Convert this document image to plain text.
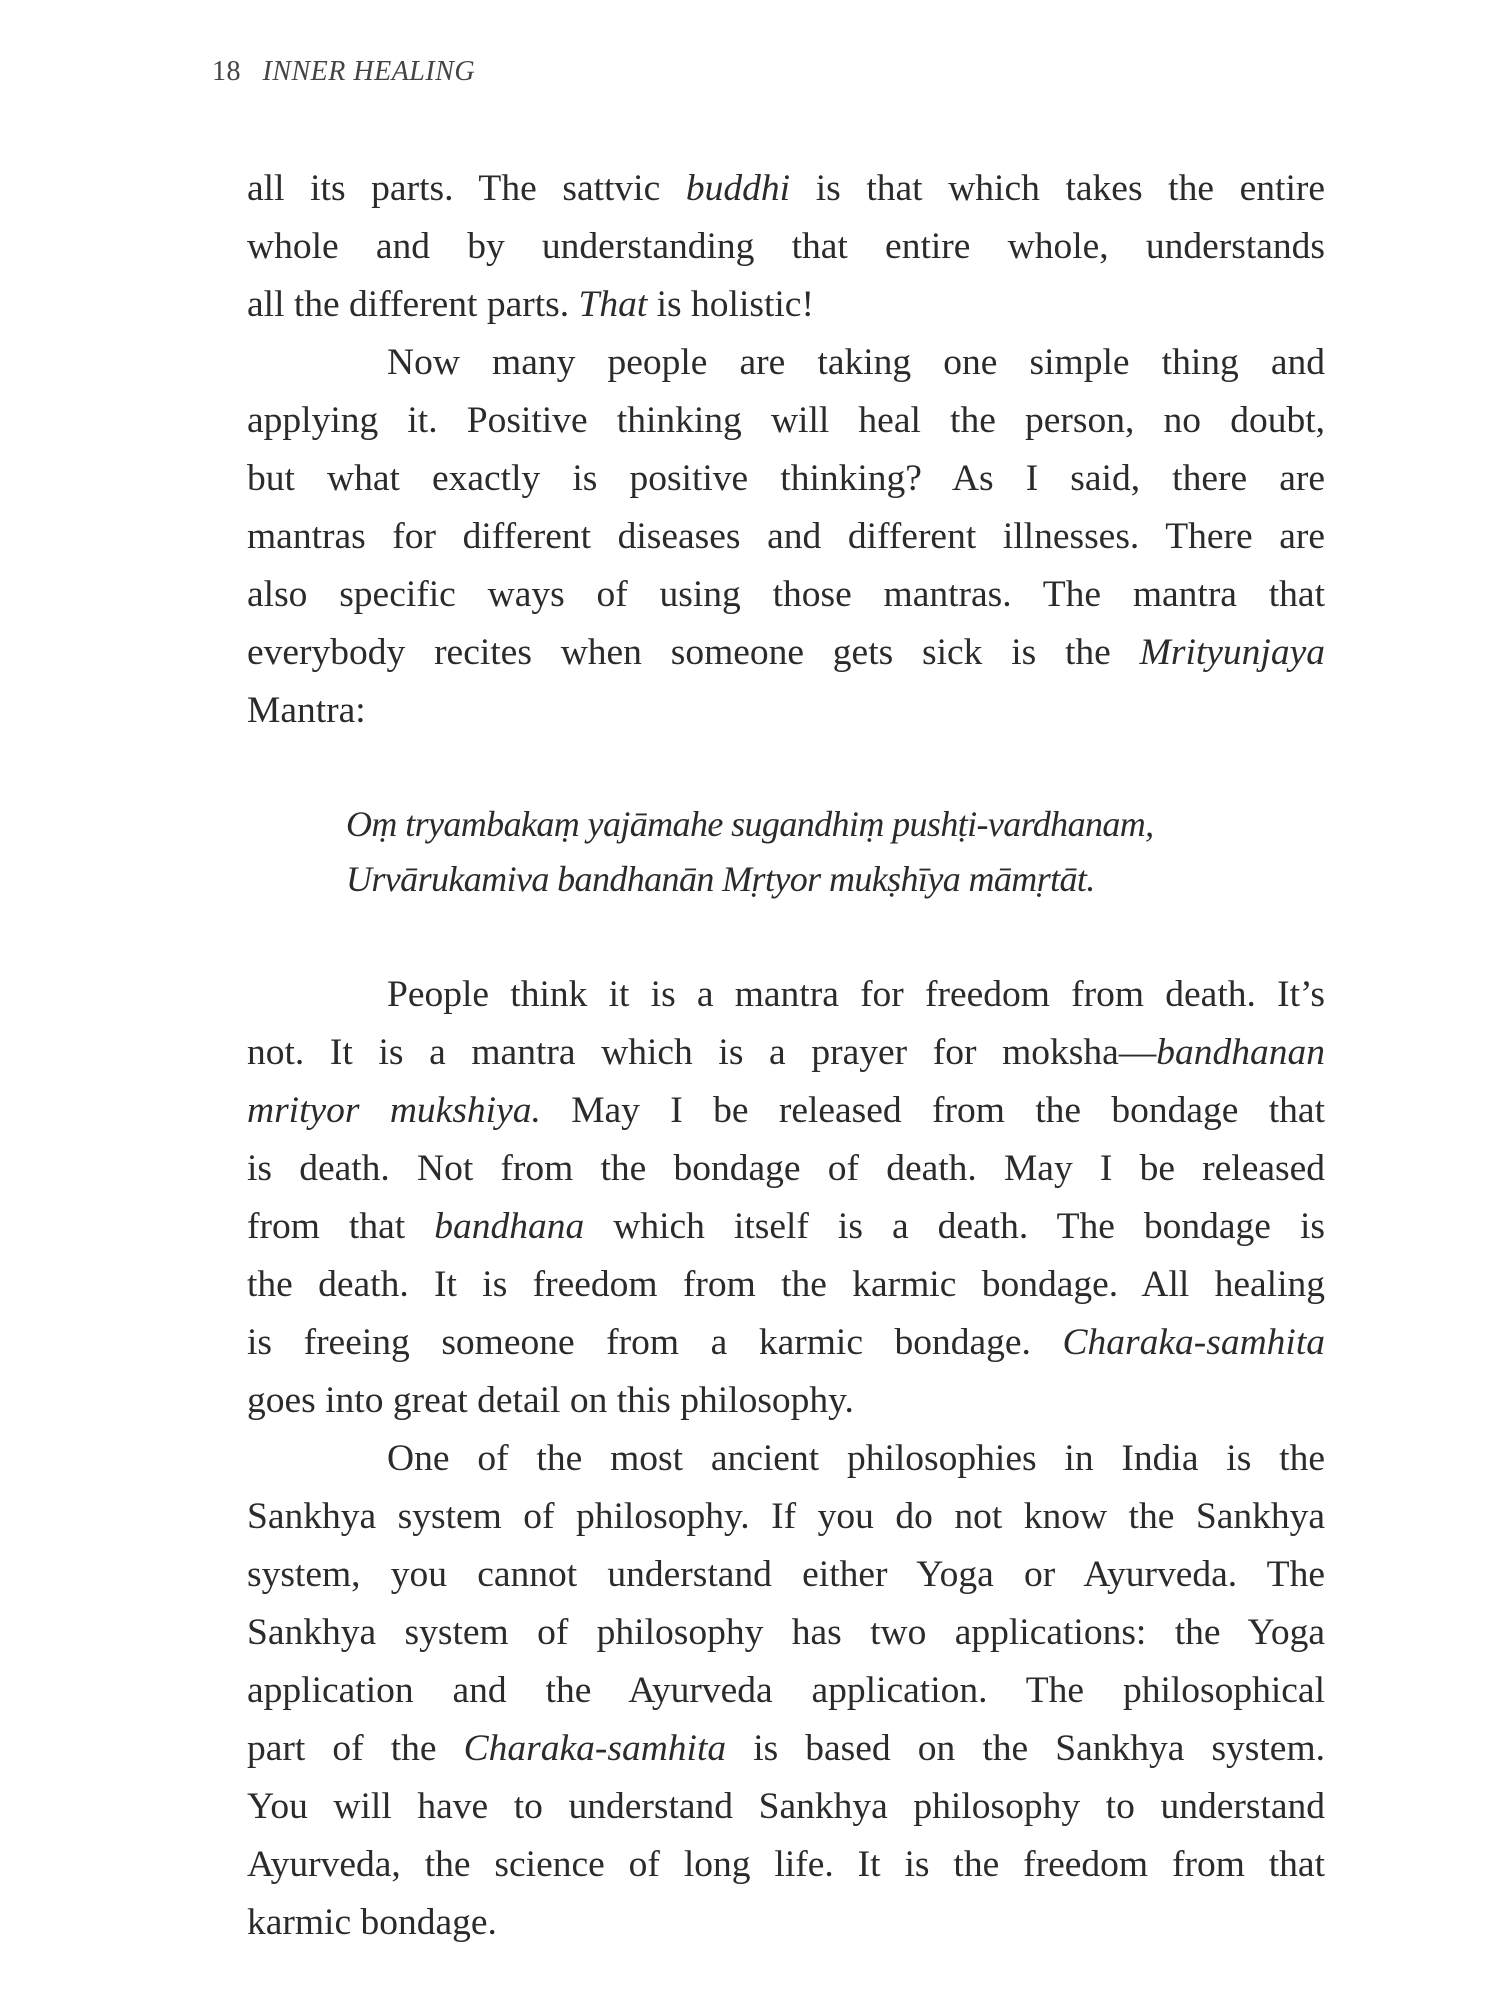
18 INNER HEALING
all its parts. The sattvic buddhi is that which takes the entire
whole and by understanding that entire whole, understands
all the different parts. That is holistic!
Now many people are taking one simple thing and
applying it. Positive thinking will heal the person, no doubt,
but what exactly is positive thinking? As I said, there are
mantras for different diseases and different illnesses. There are
also specific ways of using those mantras. The mantra that
everybody recites when someone gets sick is the Mrityunjaya
Mantra:
Oṃ tryambakaṃ yajāmahe sugandhiṃ pushṭi-vardhanam,
Urvārukamiva bandhanān Mṛtyor mukṣhīya māmṛtāt.
People think it is a mantra for freedom from death. It’s
not. It is a mantra which is a prayer for moksha—bandhanan
mrityor mukshiya. May I be released from the bondage that
is death. Not from the bondage of death. May I be released
from that bandhana which itself is a death. The bondage is
the death. It is freedom from the karmic bondage. All healing
is freeing someone from a karmic bondage. Charaka-samhita
goes into great detail on this philosophy.
One of the most ancient philosophies in India is the
Sankhya system of philosophy. If you do not know the Sankhya
system, you cannot understand either Yoga or Ayurveda. The
Sankhya system of philosophy has two applications: the Yoga
application and the Ayurveda application. The philosophical
part of the Charaka-samhita is based on the Sankhya system.
You will have to understand Sankhya philosophy to understand
Ayurveda, the science of long life. It is the freedom from that
karmic bondage.
